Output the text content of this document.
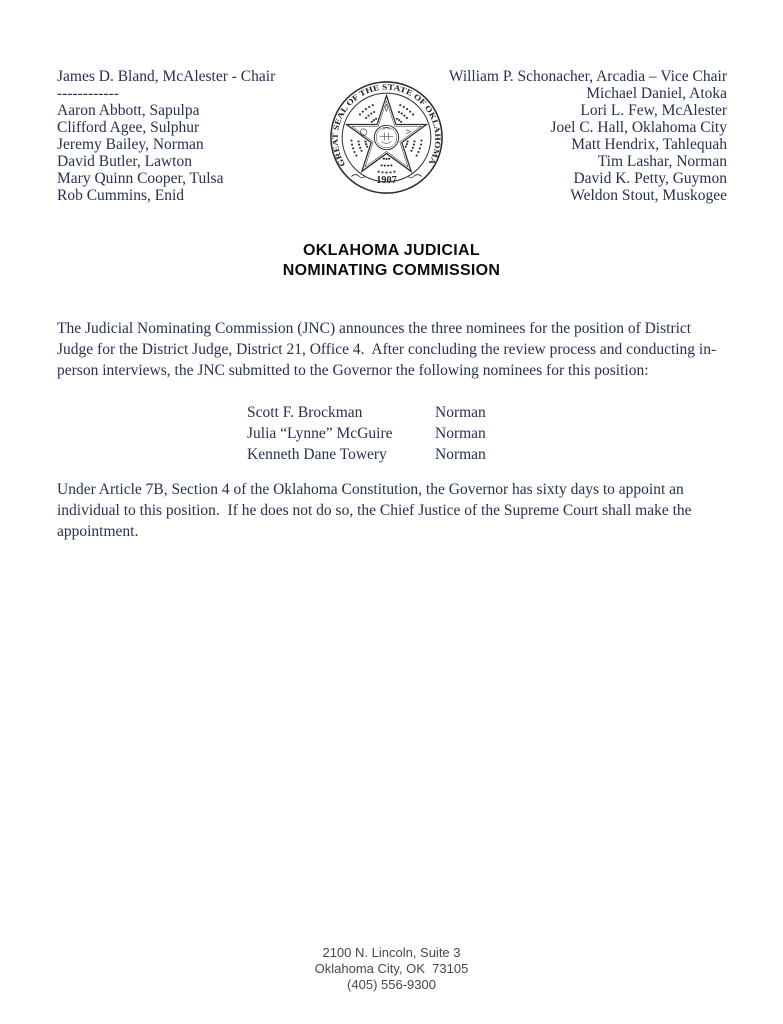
James D. Bland, McAlester - Chair
------------
Aaron Abbott, Sapulpa
Clifford Agee, Sulphur
Jeremy Bailey, Norman
David Butler, Lawton
Mary Quinn Cooper, Tulsa
Rob Cummins, Enid
GREAT SEAL OF THE STATE OF OKLAHOMA
1907
William P. Schonacher, Arcadia – Vice Chair
Michael Daniel, Atoka
Lori L. Few, McAlester
Joel C. Hall, Oklahoma City
Matt Hendrix, Tahlequah
Tim Lashar, Norman
David K. Petty, Guymon
Weldon Stout, Muskogee
OKLAHOMA JUDICIAL
NOMINATING COMMISSION
The Judicial Nominating Commission (JNC) announces the three nominees for the position of District
Judge for the District Judge, District 21, Office 4.  After concluding the review process and conducting in-
person interviews, the JNC submitted to the Governor the following nominees for this position:
Scott F. Brockman	Norman
Julia “Lynne” McGuire	Norman
Kenneth Dane Towery	Norman
Under Article 7B, Section 4 of the Oklahoma Constitution, the Governor has sixty days to appoint an
individual to this position.  If he does not do so, the Chief Justice of the Supreme Court shall make the
appointment.
2100 N. Lincoln, Suite 3
Oklahoma City, OK  73105
(405) 556-9300
